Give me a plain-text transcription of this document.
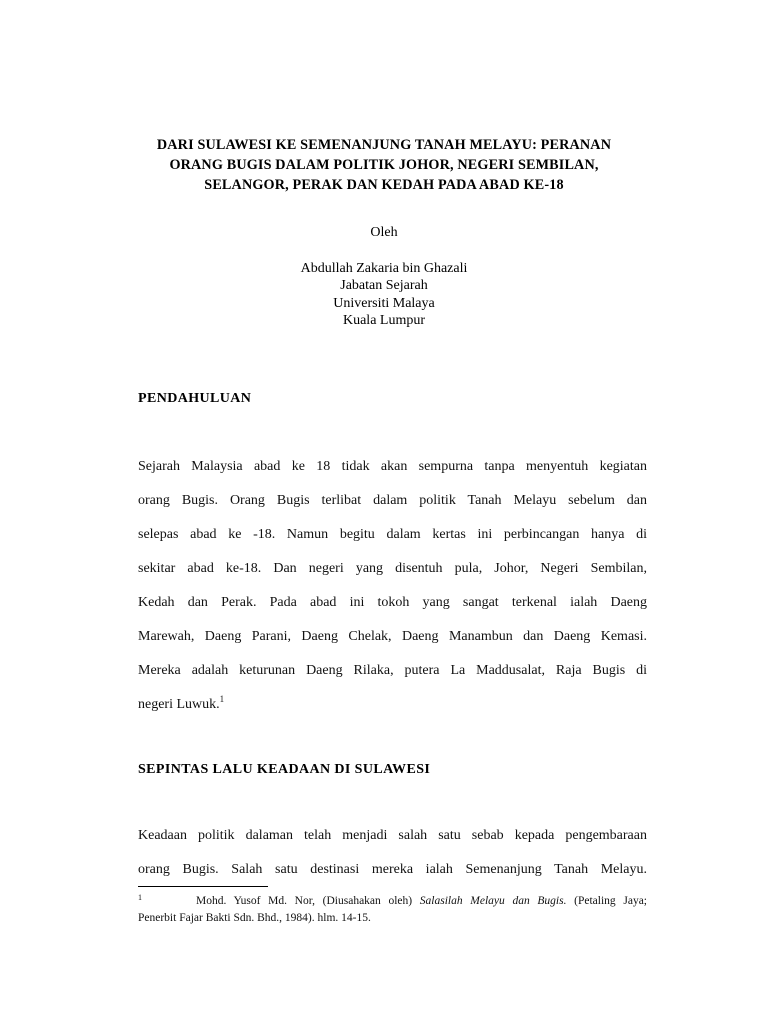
DARI SULAWESI KE SEMENANJUNG TANAH MELAYU: PERANAN
ORANG BUGIS DALAM POLITIK JOHOR, NEGERI SEMBILAN,
SELANGOR, PERAK DAN KEDAH PADA ABAD KE-18
Oleh
Abdullah Zakaria bin Ghazali
Jabatan Sejarah
Universiti Malaya
Kuala Lumpur
PENDAHULUAN
Sejarah Malaysia abad ke 18 tidak akan sempurna tanpa menyentuh kegiatan
orang Bugis. Orang Bugis terlibat dalam politik Tanah Melayu sebelum dan
selepas abad ke -18. Namun begitu dalam kertas ini perbincangan hanya di
sekitar abad ke-18. Dan negeri yang disentuh pula, Johor, Negeri Sembilan,
Kedah dan Perak. Pada abad ini tokoh yang sangat terkenal ialah Daeng
Marewah, Daeng Parani, Daeng Chelak, Daeng Manambun dan Daeng Kemasi.
Mereka adalah keturunan Daeng Rilaka, putera La Maddusalat, Raja Bugis di
negeri Luwuk.$^1$
SEPINTAS LALU KEADAAN DI SULAWESI
Keadaan politik dalaman telah menjadi salah satu sebab kepada pengembaraan
orang Bugis. Salah satu destinasi mereka ialah Semenanjung Tanah Melayu.
1	Mohd. Yusof Md. Nor, (Diusahakan oleh) Salasilah Melayu dan Bugis. (Petaling Jaya;
Penerbit Fajar Bakti Sdn. Bhd., 1984). hlm. 14-15.
